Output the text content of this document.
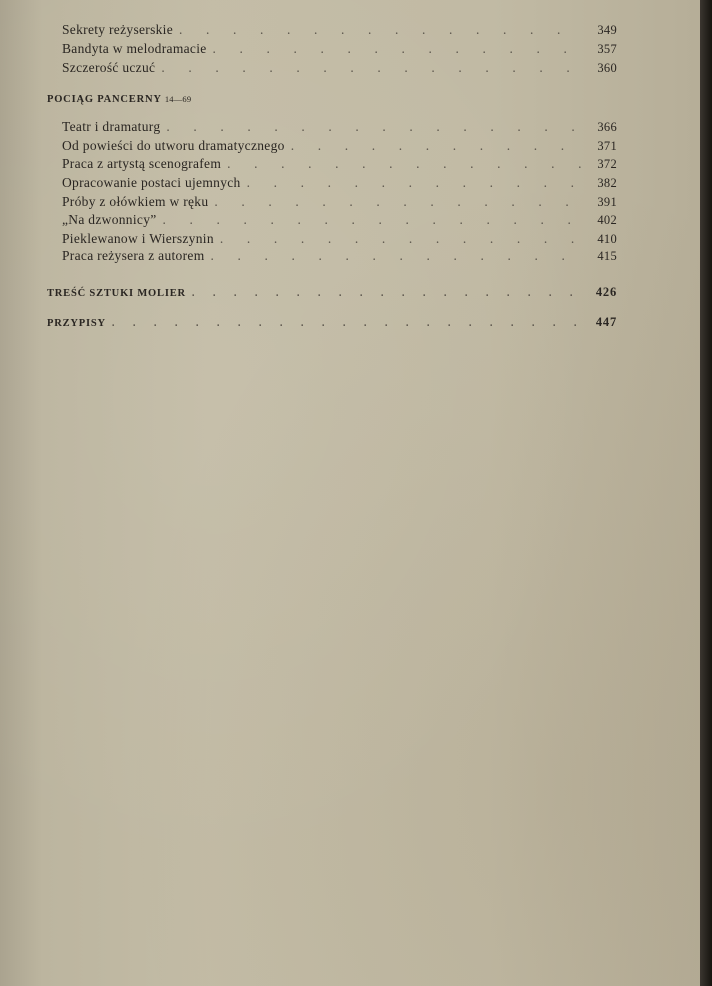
Sekrety reżyserskie .	349
Bandyta w melodramacie .	357
Szczerość uczuć .	360
POCIĄG PANCERNY 14—69
Teatr i dramaturg .	366
Od powieści do utworu dramatycznego .	371
Praca z artystą scenografem .	372
Opracowanie postaci ujemnych .	382
Próby z ołówkiem w ręku .	391
„Na dzwonnicy” .	402
Pieklewanow i Wierszynin .	410
Praca reżysera z autorem .	415
TREŚĆ SZTUKI MOLIER .	426
PRZYPISY .	447
